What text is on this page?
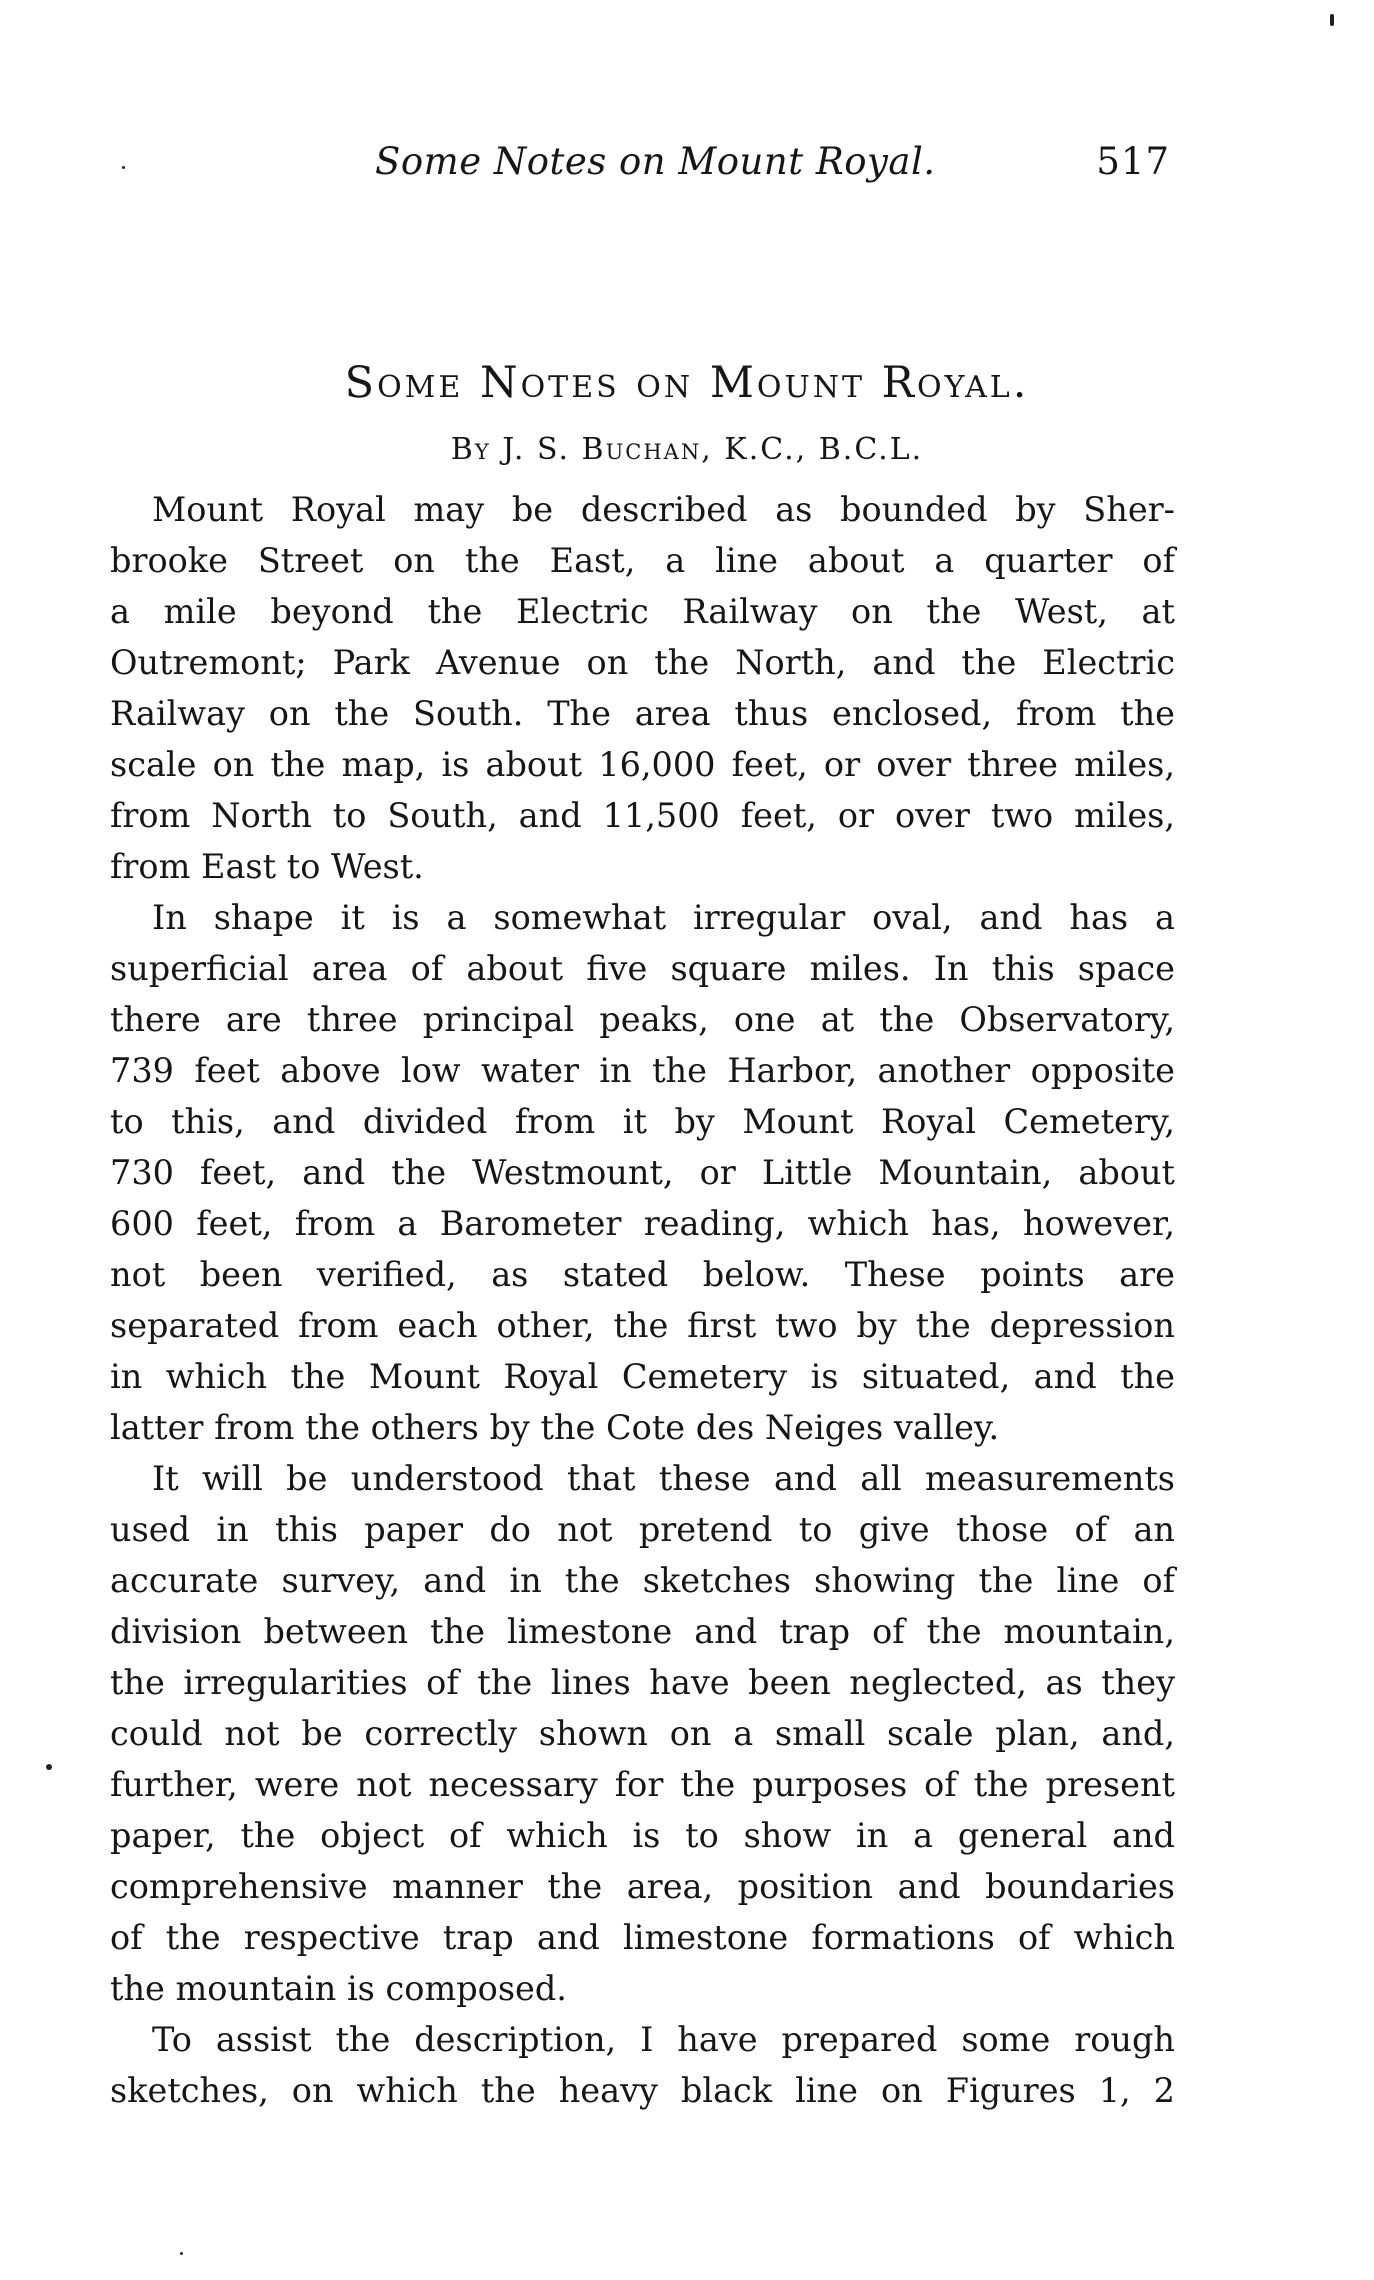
Some Notes on Mount Royal.	517
Some Notes on Mount Royal.
By J. S. Buchan, K.C., B.C.L.
Mount Royal may be described as bounded by Sher-
brooke Street on the East, a line about a quarter of
a mile beyond the Electric Railway on the West, at
Outremont; Park Avenue on the North, and the Electric
Railway on the South. The area thus enclosed, from the
scale on the map, is about 16,000 feet, or over three miles,
from North to South, and 11,500 feet, or over two miles,
from East to West.
In shape it is a somewhat irregular oval, and has a
superficial area of about five square miles. In this space
there are three principal peaks, one at the Observatory,
739 feet above low water in the Harbor, another opposite
to this, and divided from it by Mount Royal Cemetery,
730 feet, and the Westmount, or Little Mountain, about
600 feet, from a Barometer reading, which has, however,
not been verified, as stated below. These points are
separated from each other, the first two by the depression
in which the Mount Royal Cemetery is situated, and the
latter from the others by the Cote des Neiges valley.
It will be understood that these and all measurements
used in this paper do not pretend to give those of an
accurate survey, and in the sketches showing the line of
division between the limestone and trap of the mountain,
the irregularities of the lines have been neglected, as they
could not be correctly shown on a small scale plan, and,
further, were not necessary for the purposes of the present
paper, the object of which is to show in a general and
comprehensive manner the area, position and boundaries
of the respective trap and limestone formations of which
the mountain is composed.
To assist the description, I have prepared some rough
sketches, on which the heavy black line on Figures 1, 2
